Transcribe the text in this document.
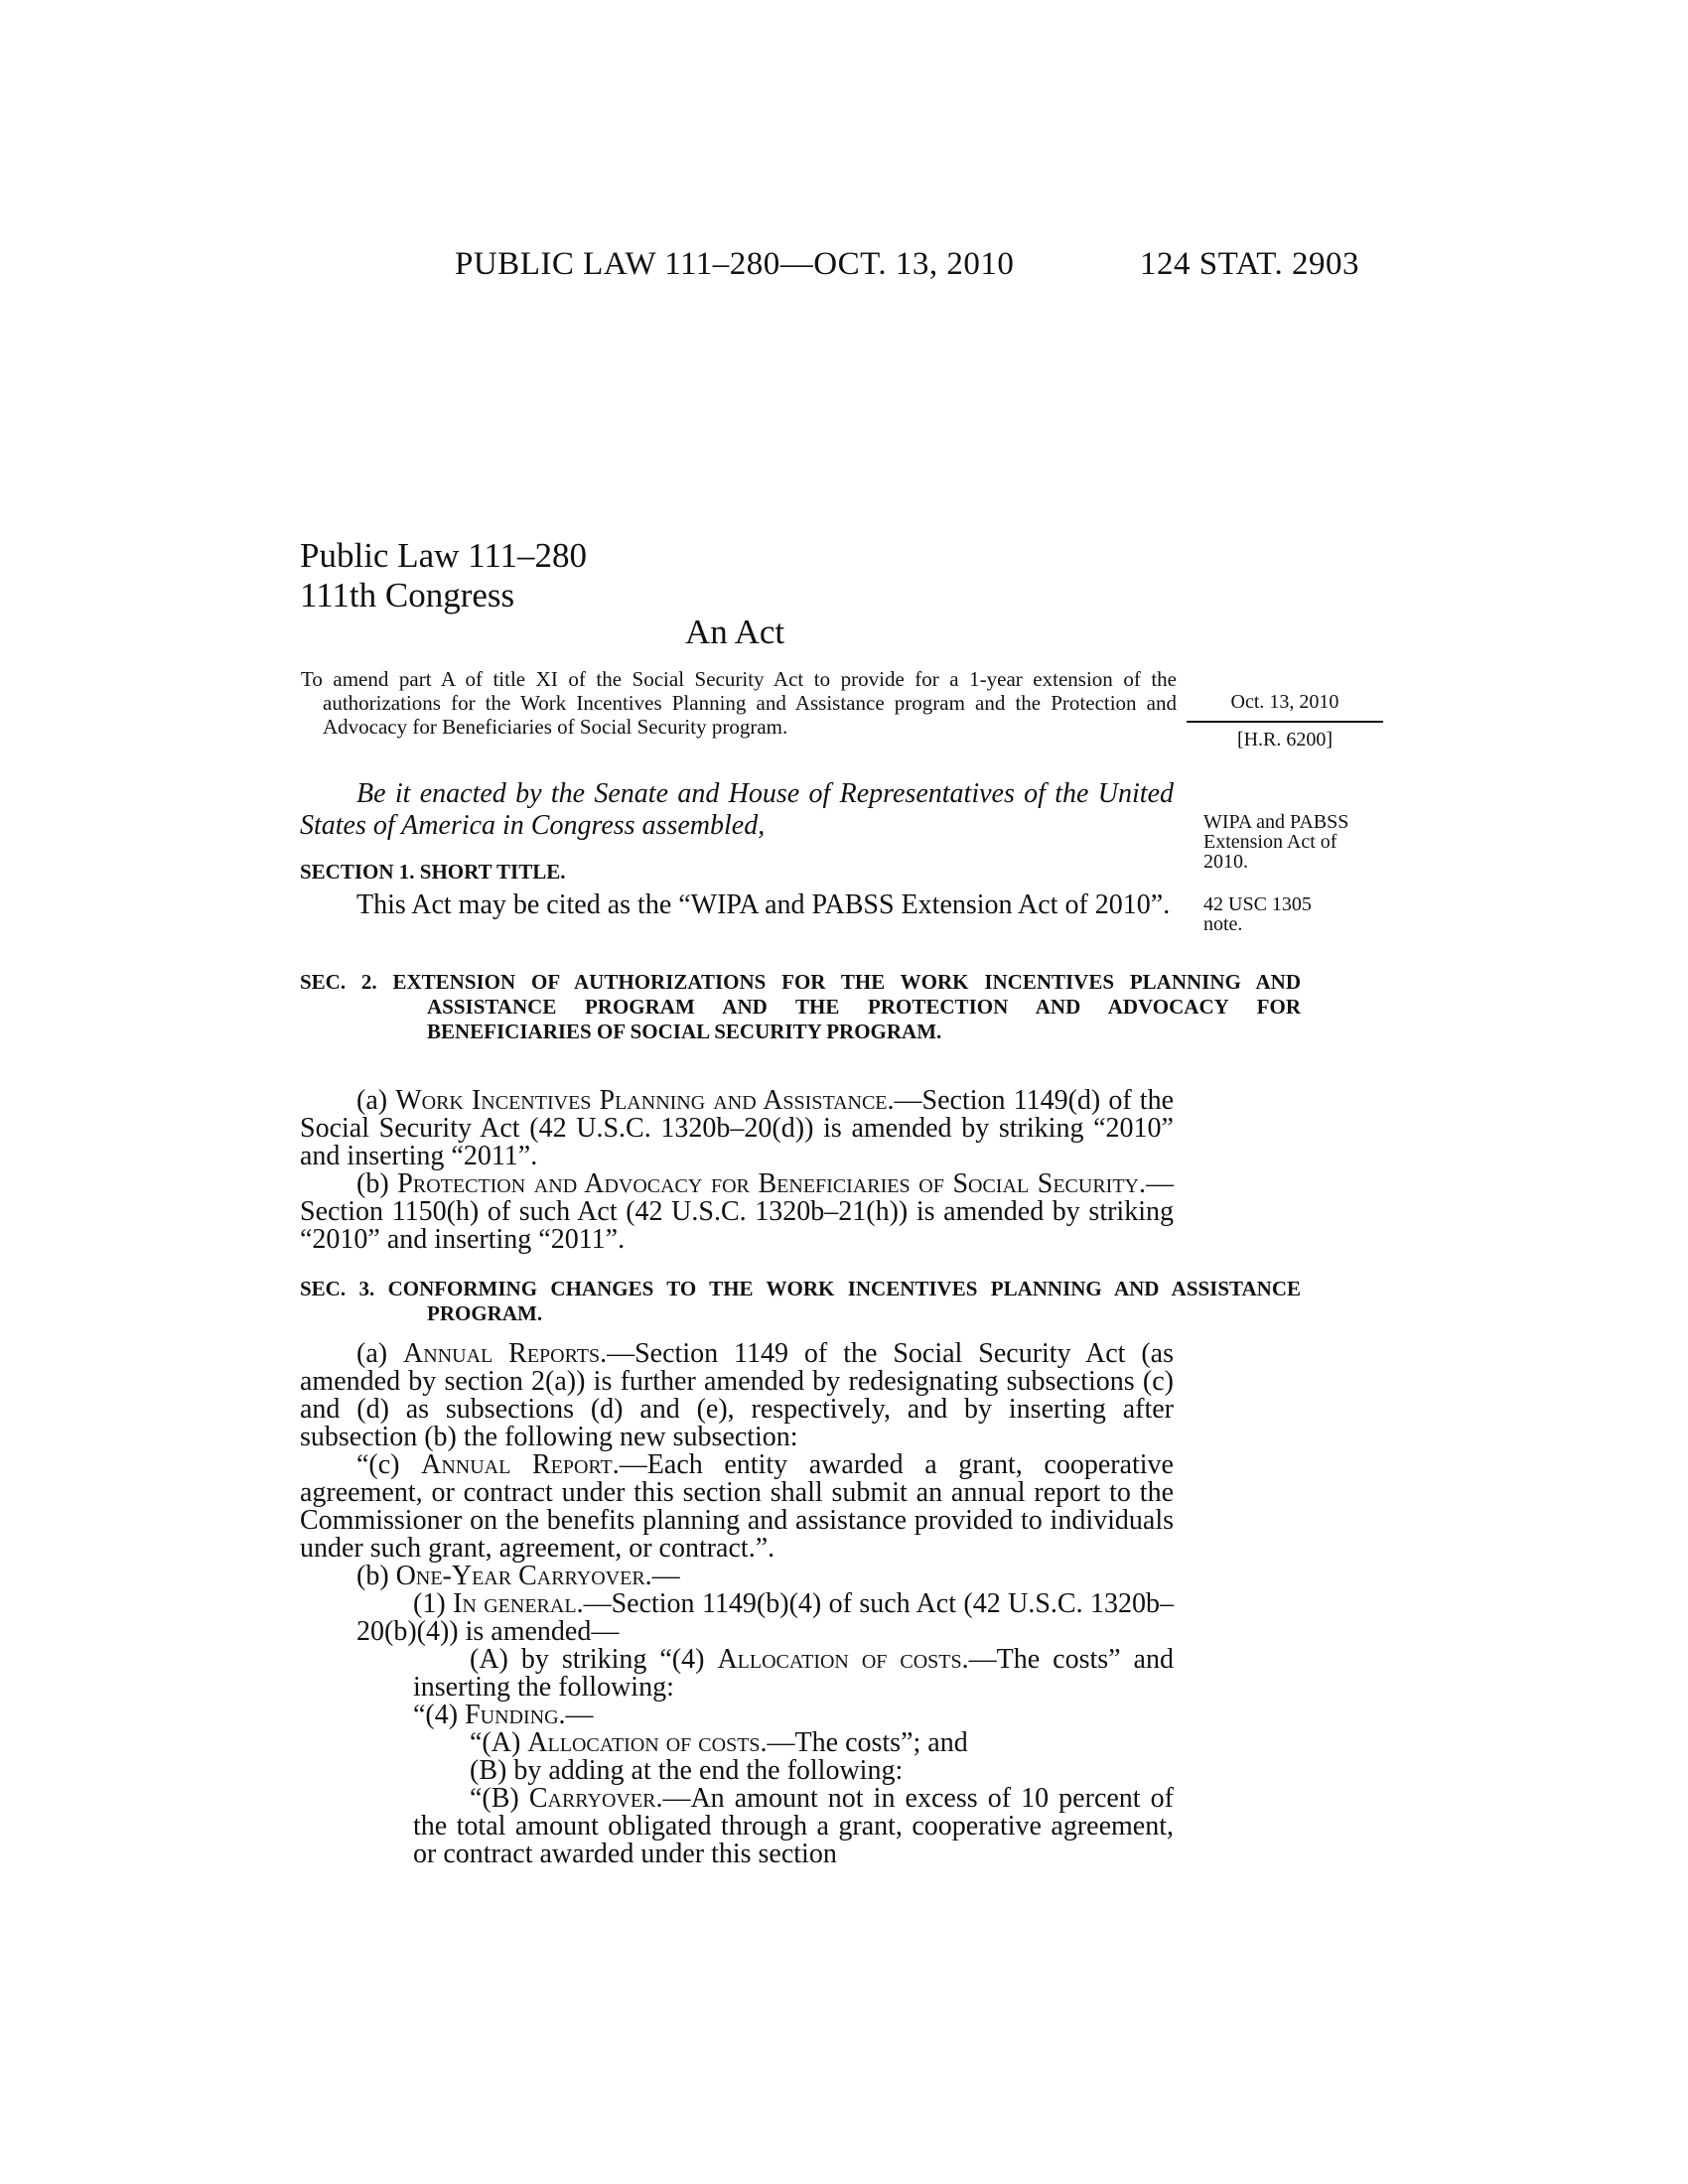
PUBLIC LAW 111–280—OCT. 13, 2010	124 STAT. 2903
Public Law 111–280
111th Congress
An Act
To amend part A of title XI of the Social Security Act to provide for a 1-year extension of the authorizations for the Work Incentives Planning and Assistance program and the Protection and Advocacy for Beneficiaries of Social Security program.
Oct. 13, 2010
[H.R. 6200]
WIPA and PABSS Extension Act of 2010.
42 USC 1305 note.
Be it enacted by the Senate and House of Representatives of the United States of America in Congress assembled,
SECTION 1. SHORT TITLE.
This Act may be cited as the “WIPA and PABSS Extension Act of 2010”.
SEC. 2. EXTENSION OF AUTHORIZATIONS FOR THE WORK INCENTIVES PLANNING AND ASSISTANCE PROGRAM AND THE PROTECTION AND ADVOCACY FOR BENEFICIARIES OF SOCIAL SECURITY PROGRAM.

(a) Work Incentives Planning and Assistance.—Section 1149(d) of the Social Security Act (42 U.S.C. 1320b–20(d)) is amended by striking “2010” and inserting “2011”.

(b) Protection and Advocacy for Beneficiaries of Social Security.—Section 1150(h) of such Act (42 U.S.C. 1320b–21(h)) is amended by striking “2010” and inserting “2011”.

SEC. 3. CONFORMING CHANGES TO THE WORK INCENTIVES PLANNING AND ASSISTANCE PROGRAM.

(a) Annual Reports.—Section 1149 of the Social Security Act (as amended by section 2(a)) is further amended by redesignating subsections (c) and (d) as subsections (d) and (e), respectively, and by inserting after subsection (b) the following new subsection:

“(c) Annual Report.—Each entity awarded a grant, cooperative agreement, or contract under this section shall submit an annual report to the Commissioner on the benefits planning and assistance provided to individuals under such grant, agreement, or contract.”.

(b) One-Year Carryover.—

(1) In general.—Section 1149(b)(4) of such Act (42 U.S.C. 1320b–20(b)(4)) is amended—

(A) by striking “(4) Allocation of costs.—The costs” and inserting the following:

“(4) Funding.—

“(A) Allocation of costs.—The costs”; and

(B) by adding at the end the following:

“(B) Carryover.—An amount not in excess of 10 percent of the total amount obligated through a grant, cooperative agreement, or contract awarded under this section
